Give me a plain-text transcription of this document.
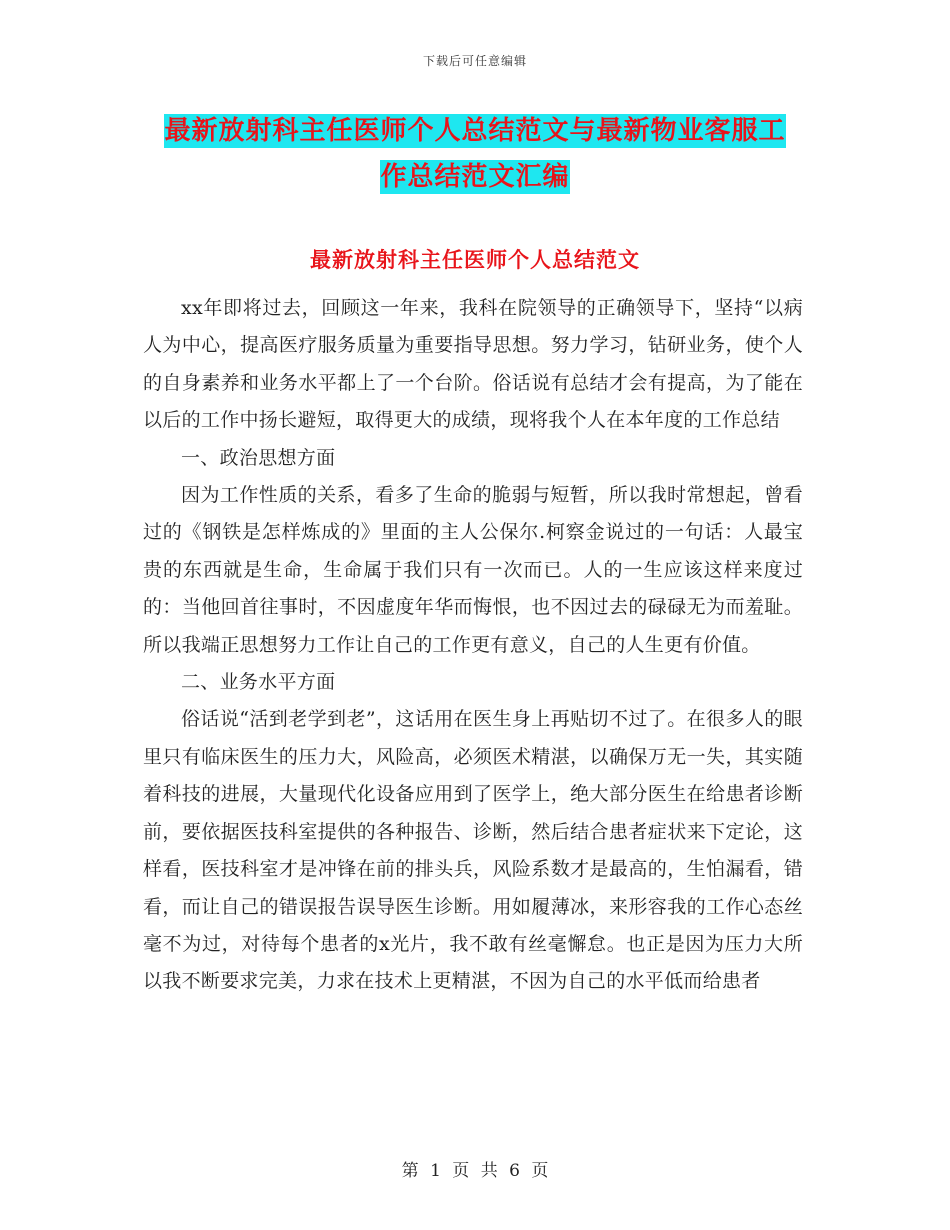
下载后可任意编辑
最新放射科主任医师个人总结范文与最新物业客服工
作总结范文汇编
最新放射科主任医师个人总结范文

xx年即将过去，回顾这一年来，我科在院领导的正确领导下，坚持“以病人为中心，提高医疗服务质量为重要指导思想。努力学习，钻研业务，使个人的自身素养和业务水平都上了一个台阶。俗话说有总结才会有提高，为了能在以后的工作中扬长避短，取得更大的成绩，现将我个人在本年度的工作总结

一、政治思想方面

因为工作性质的关系，看多了生命的脆弱与短暂，所以我时常想起，曾看过的《钢铁是怎样炼成的》里面的主人公保尔.柯察金说过的一句话：人最宝贵的东西就是生命，生命属于我们只有一次而已。人的一生应该这样来度过的：当他回首往事时，不因虚度年华而悔恨，也不因过去的碌碌无为而羞耻。所以我端正思想努力工作让自己的工作更有意义，自己的人生更有价值。

二、业务水平方面

俗话说“活到老学到老”，这话用在医生身上再贴切不过了。在很多人的眼里只有临床医生的压力大，风险高，必须医术精湛，以确保万无一失，其实随着科技的进展，大量现代化设备应用到了医学上，绝大部分医生在给患者诊断前，要依据医技科室提供的各种报告、诊断，然后结合患者症状来下定论，这样看，医技科室才是冲锋在前的排头兵，风险系数才是最高的，生怕漏看，错看，而让自己的错误报告误导医生诊断。用如履薄冰，来形容我的工作心态丝毫不为过，对待每个患者的x光片，我不敢有丝毫懈怠。也正是因为压力大所以我不断要求完美，力求在技术上更精湛，不因为自己的水平低而给患者

第 1 页 共 6 页
